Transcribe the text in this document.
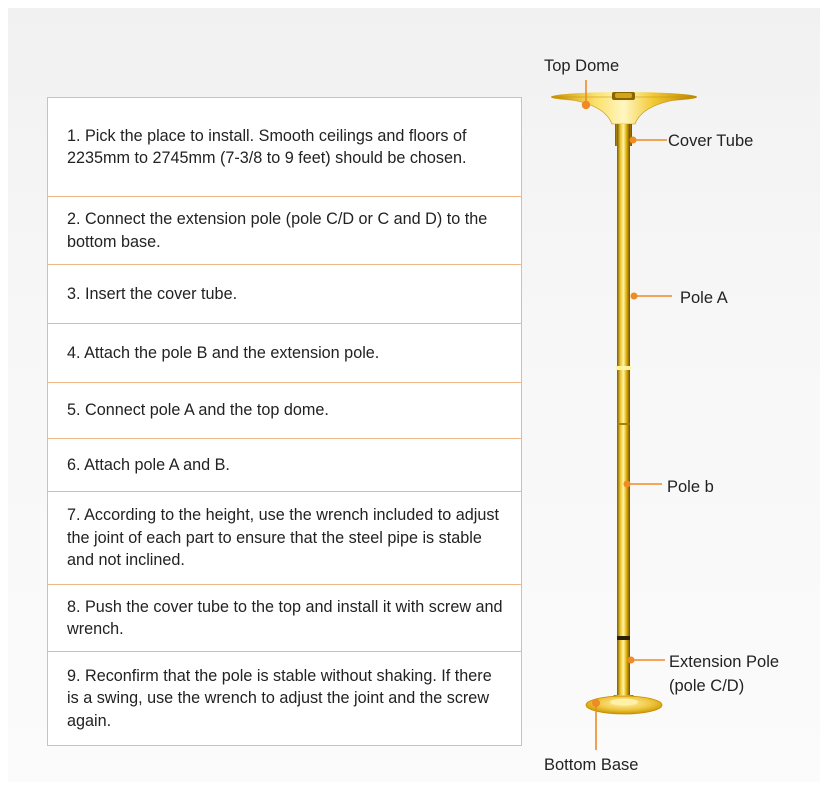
1. Pick the place to install. Smooth ceilings and floors of 2235mm to 2745mm (7-3/8 to 9 feet) should be chosen.
2. Connect the extension pole (pole C/D or C and D) to the bottom base.
3. Insert the cover tube.
4. Attach the pole B and the extension pole.
5. Connect pole A and the top dome.
6. Attach pole A and B.
7. According to the height, use the wrench included to adjust the joint of each part to ensure that the steel pipe is stable and not inclined.
8. Push the cover tube to the top and install it with screw and wrench.
9. Reconfirm that the pole is stable without shaking. If there is a swing, use the wrench to adjust the joint and the screw again.
Top Dome
Cover Tube
Pole A
Pole b
Extension Pole
(pole C/D)
Bottom Base
